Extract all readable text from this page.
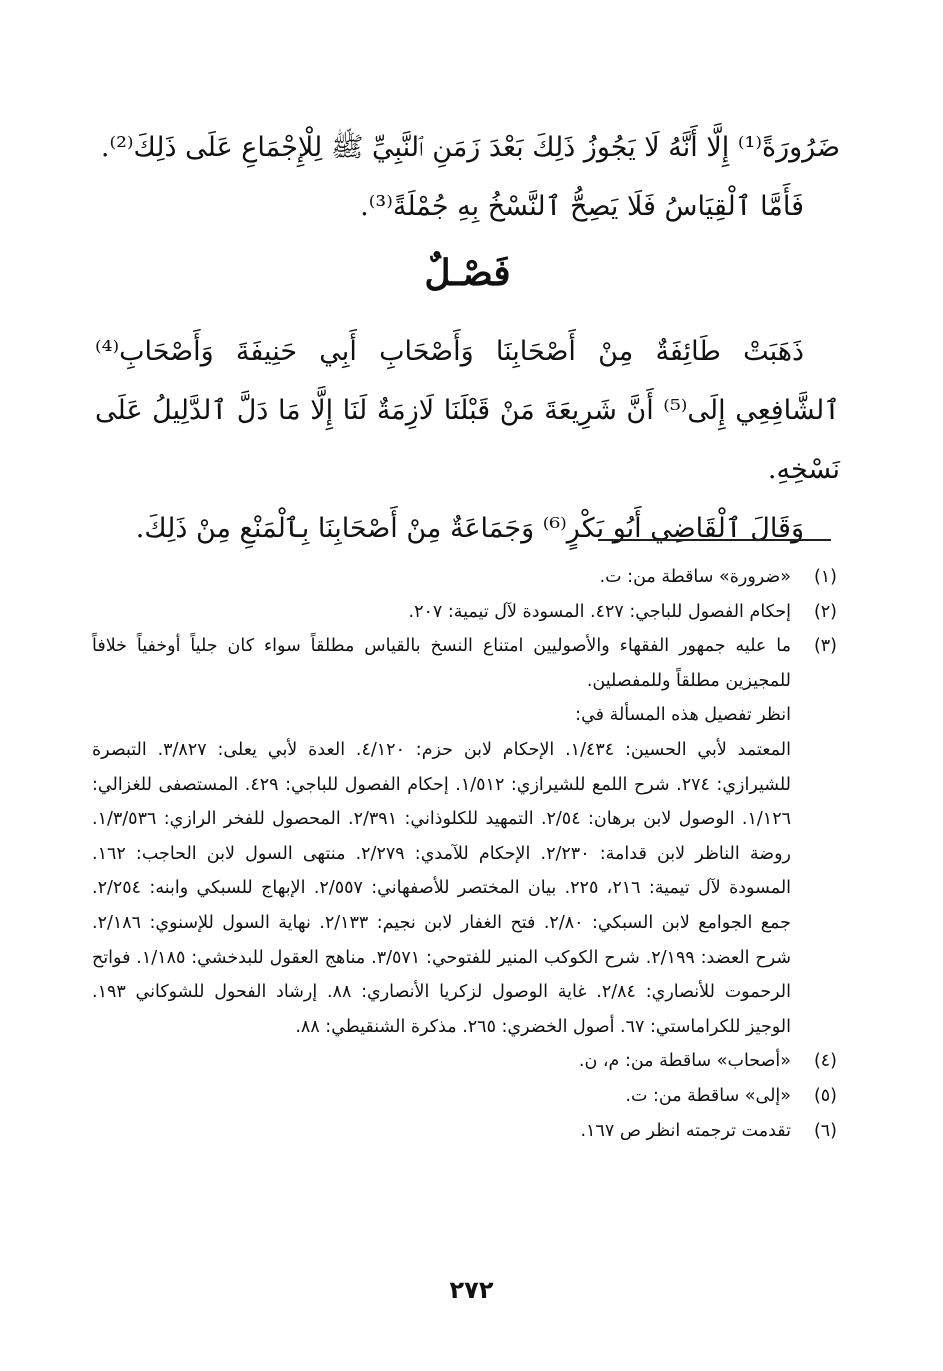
ضَرُورَةً⁽¹⁾ إِلَّا أَنَّهُ لَا يَجُوزُ ذَلِكَ بَعْدَ زَمَنِ ٱلنَّبِيِّ ﷺ لِلْإِجْمَاعِ عَلَى ذَلِكَ⁽²⁾.

فَأَمَّا ٱلْقِيَاسُ فَلَا يَصِحُّ ٱلنَّسْخُ بِهِ جُمْلَةً⁽³⁾.

فَصْـلٌ

ذَهَبَتْ طَائِفَةٌ مِنْ أَصْحَابِنَا وَأَصْحَابِ أَبِي حَنِيفَةَ وَأَصْحَابِ⁽⁴⁾ ٱلشَّافِعِي إِلَى⁽⁵⁾ أَنَّ شَرِيعَةَ مَنْ قَبْلَنَا لَازِمَةٌ لَنَا إِلَّا مَا دَلَّ ٱلدَّلِيلُ عَلَى نَسْخِهِ.

وَقَالَ ٱلْقَاضِي أَبُو بَكْرٍ⁽⁶⁾ وَجَمَاعَةٌ مِنْ أَصْحَابِنَا بِٱلْمَنْعِ مِنْ ذَلِكَ.

(١)
«ضرورة» ساقطة من: ت.
(٢)
إحكام الفصول للباجي: ٤٢٧. المسودة لآل تيمية: ٢٠٧.
(٣)

ما عليه جمهور الفقهاء والأصوليين امتناع النسخ بالقياس مطلقاً سواء كان جلياً أوخفياً خلافاً للمجيزين مطلقاً وللمفصلين.

انظر تفصيل هذه المسألة في:

المعتمد لأبي الحسين: ١/٤٣٤. الإحكام لابن حزم: ٤/١٢٠. العدة لأبي يعلى: ٣/٨٢٧. التبصرة للشيرازي: ٢٧٤. شرح اللمع للشيرازي: ١/٥١٢. إحكام الفصول للباجي: ٤٢٩. المستصفى للغزالي: ١/١٢٦. الوصول لابن برهان: ٢/٥٤. التمهيد للكلوذاني: ٢/٣٩١. المحصول للفخر الرازي: ١/٣/٥٣٦. روضة الناظر لابن قدامة: ٢/٢٣٠. الإحكام للآمدي: ٢/٢٧٩. منتهى السول لابن الحاجب: ١٦٢. المسودة لآل تيمية: ٢١٦، ٢٢٥. بيان المختصر للأصفهاني: ٢/٥٥٧. الإبهاج للسبكي وابنه: ٢/٢٥٤. جمع الجوامع لابن السبكي: ٢/٨٠. فتح الغفار لابن نجيم: ٢/١٣٣. نهاية السول للإسنوي: ٢/١٨٦. شرح العضد: ٢/١٩٩. شرح الكوكب المنير للفتوحي: ٣/٥٧١. مناهج العقول للبدخشي: ١/١٨٥. فواتح الرحموت للأنصاري: ٢/٨٤. غاية الوصول لزكريا الأنصاري: ٨٨. إرشاد الفحول للشوكاني ١٩٣. الوجيز للكراماستي: ٦٧. أصول الخضري: ٢٦٥. مذكرة الشنقيطي: ٨٨.

(٤)
«أصحاب» ساقطة من: م، ن.
(٥)
«إلى» ساقطة من: ت.
(٦)
تقدمت ترجمته انظر ص ١٦٧.
٢٧٢
